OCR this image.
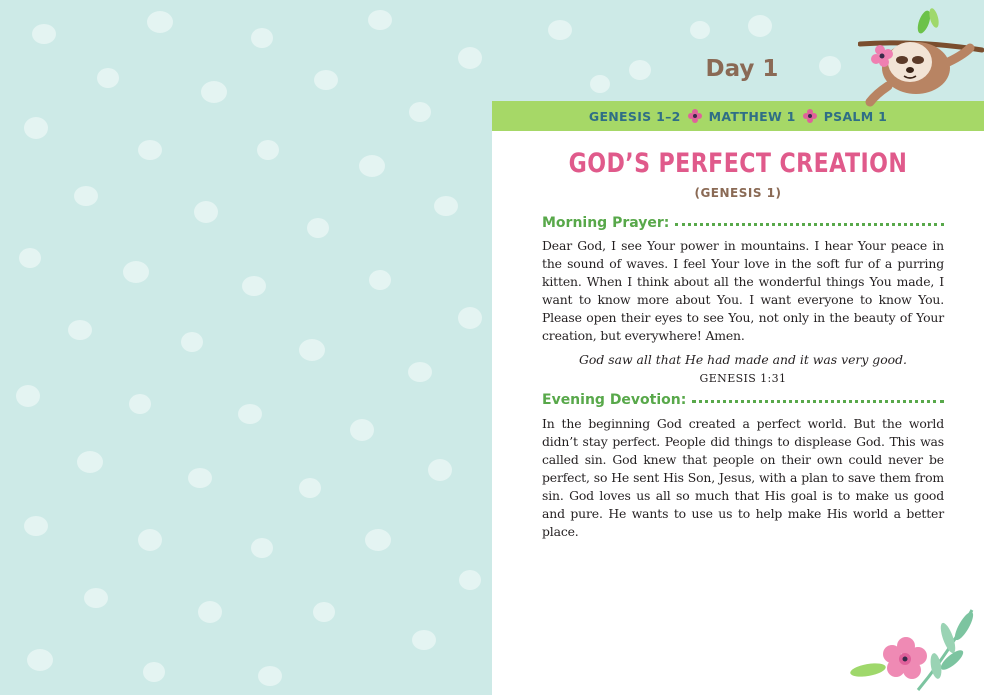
Day 1
GENESIS 1–2 MATTHEW 1 PSALM 1
GOD’S PERFECT CREATION
(GENESIS 1)
Morning Prayer:

Dear God, I see Your power in mountains. I hear Your peace in the sound of waves. I feel Your love in the soft fur of a purring kitten. When I think about all the wonderful things You made, I want to know more about You. I want everyone to know You. Please open their eyes to see You, not only in the beauty of Your creation, but everywhere! Amen.

God saw all that He had made and it was very good.
GENESIS 1:31
Evening Devotion:

In the beginning God created a perfect world. But the world didn’t stay perfect. People did things to displease God. This was called sin. God knew that people on their own could never be perfect, so He sent His Son, Jesus, with a plan to save them from sin. God loves us all so much that His goal is to make us good and pure. He wants to use us to help make His world a better place.
